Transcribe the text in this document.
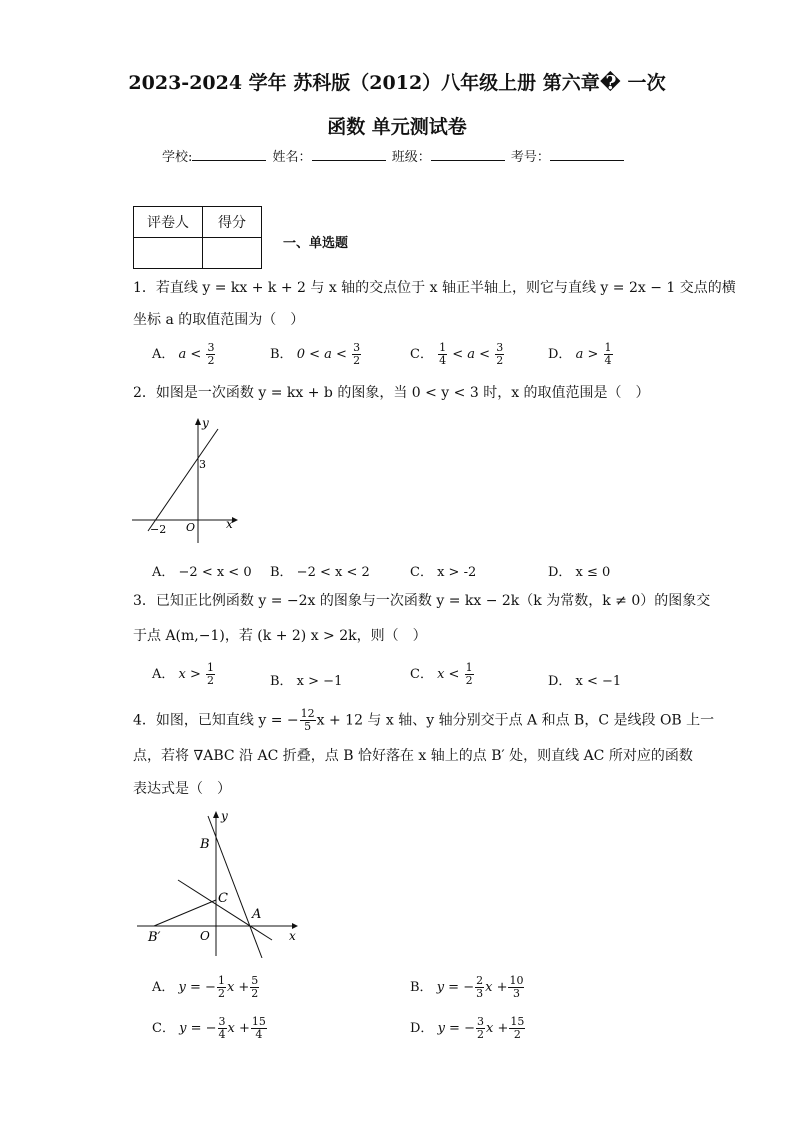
2023-2024 学年 苏科版（2012）八年级上册 第六章� 一次
函数 单元测试卷
学校:	姓名：	班级：	考号：
评卷人	得分

一、单选题
1．若直线 y = kx + k + 2 与 x 轴的交点位于 x 轴正半轴上，则它与直线 y = 2x − 1 交点的横
坐标 a 的取值范围为（　）
A． $a < \frac{3}{2}$	B． $0 < a < \frac{3}{2}$	C． $\frac{1}{4} < a < \frac{3}{2}$	D． $a > \frac{1}{4}$
2．如图是一次函数 y = kx + b 的图象，当 0 < y < 3 时，x 的取值范围是（　）
y
x
3
−2 O
A． −2 < x < 0 B． −2 < x < 2	C． x > -2	D． x ≤ 0
3．已知正比例函数 y = −2x 的图象与一次函数 y = kx − 2k（k 为常数，k ≠ 0）的图象交
于点 A(m,−1)，若 (k + 2) x > 2k，则（　）
A． $x > \frac{1}{2}$	B． x > −1	C． $x < \frac{1}{2}$	D． x < −1
4．如图，已知直线 y = − $\frac{12}{5}$ x + 12 与 x 轴、y 轴分别交于点 A 和点 B，C 是线段 OB 上一
点，若将 ∇ABC 沿 AC 折叠，点 B 恰好落在 x 轴上的点 B′ 处，则直线 AC 所对应的函数
表达式是（　）
y
x
B
C
A
B′	O
A． y = − $\frac{1}{2}$ $x + \frac{5}{2}$	B． y = − $\frac{2}{3}$ $x + \frac{10}{3}$
C． y = − $\frac{3}{4}$ $x + \frac{15}{4}$	D． y = − $\frac{3}{2}$ $x + \frac{15}{2}$
